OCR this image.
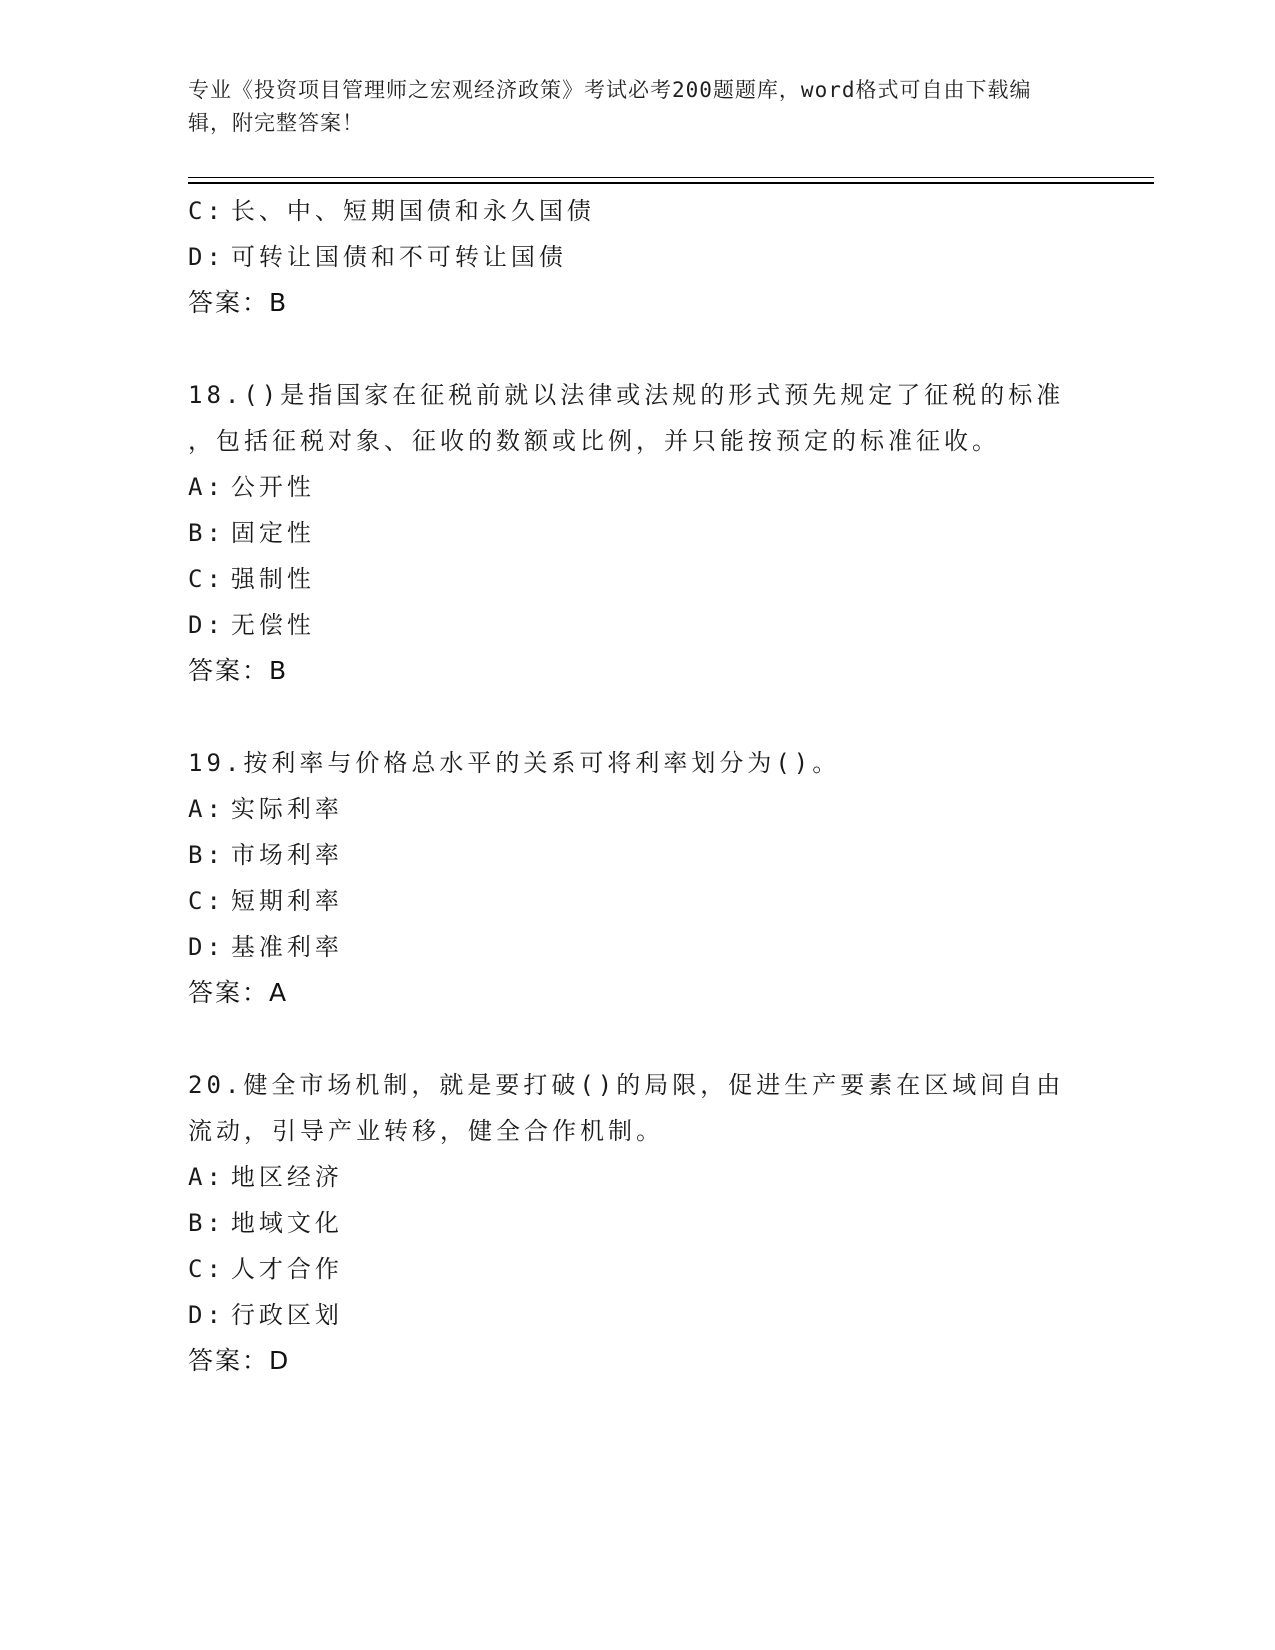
专业《投资项目管理师之宏观经济政策》考试必考200题题库，word格式可自由下载编辑，附完整答案！
C: 长、中、短期国债和永久国债
D: 可转让国债和不可转让国债
答案：B
18.()是指国家在征税前就以法律或法规的形式预先规定了征税的标准
，包括征税对象、征收的数额或比例，并只能按预定的标准征收。
A: 公开性
B: 固定性
C: 强制性
D: 无偿性
答案：B
19.按利率与价格总水平的关系可将利率划分为()。
A: 实际利率
B: 市场利率
C: 短期利率
D: 基准利率
答案：A
20.健全市场机制，就是要打破()的局限，促进生产要素在区域间自由
流动，引导产业转移，健全合作机制。
A: 地区经济
B: 地域文化
C: 人才合作
D: 行政区划
答案：D
